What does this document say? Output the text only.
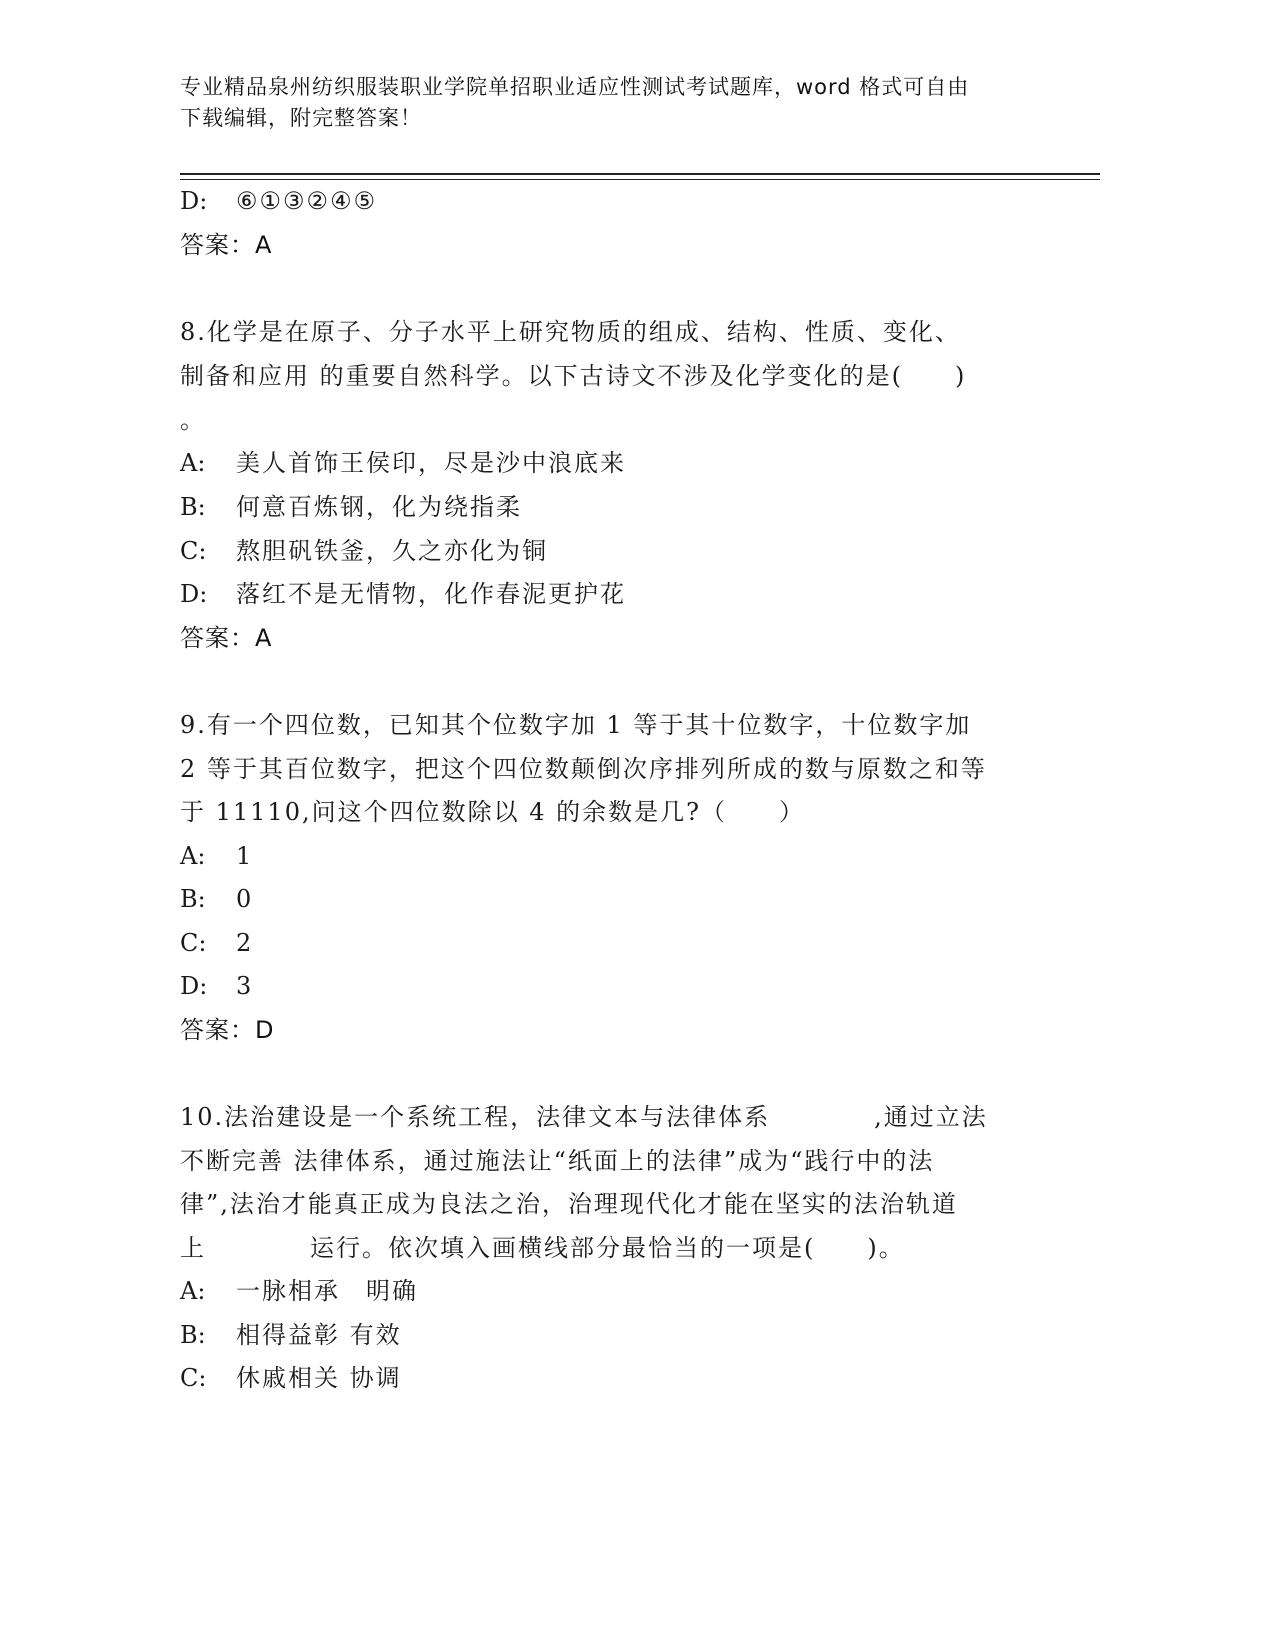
专业精品泉州纺织服装职业学院单招职业适应性测试考试题库，word 格式可自由
下载编辑，附完整答案！
D: ⑥①③②④⑤
答案：A
8.化学是在原子、分子水平上研究物质的组成、结构、性质、变化、
制备和应用 的重要自然科学。以下古诗文不涉及化学变化的是(　　)
。
A: 美人首饰王侯印，尽是沙中浪底来
B: 何意百炼钢，化为绕指柔
C: 熬胆矾铁釜，久之亦化为铜
D: 落红不是无情物，化作春泥更护花
答案：A
9.有一个四位数，已知其个位数字加 1 等于其十位数字，十位数字加
2 等于其百位数字，把这个四位数颠倒次序排列所成的数与原数之和等
于 11110,问这个四位数除以 4 的余数是几?（　　）
A: 1
B: 0
C: 2
D: 3
答案：D
10.法治建设是一个系统工程，法律文本与法律体系　　　　,通过立法
不断完善 法律体系，通过施法让“纸面上的法律”成为“践行中的法
律”,法治才能真正成为良法之治，治理现代化才能在坚实的法治轨道
上　　　　运行。依次填入画横线部分最恰当的一项是(　　)。
A: 一脉相承　明确
B: 相得益彰 有效
C: 休戚相关 协调
